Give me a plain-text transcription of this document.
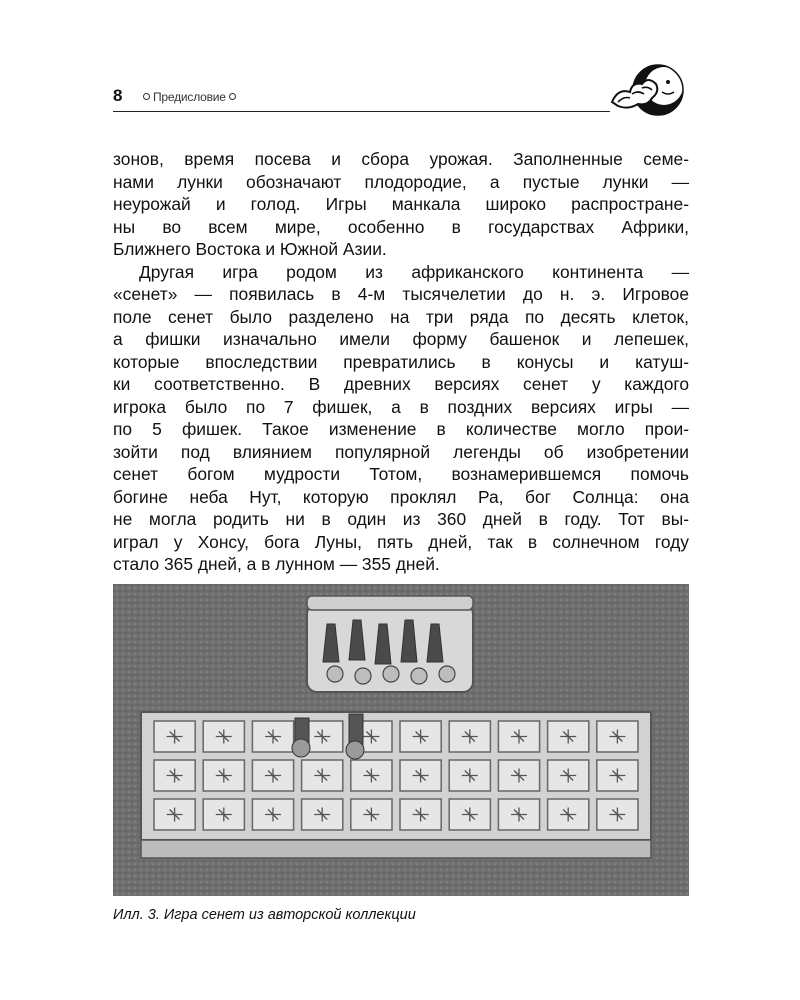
8	Предисловие

зонов, время посева и сбора урожая. Заполненные семе-

нами лунки обозначают плодородие, а пустые лунки —

неурожай и голод. Игры манкала широко распростране-

ны во всем мире, особенно в государствах Африки,

Ближнего Востока и Южной Азии.

Другая игра родом из африканского континента —

«сенет» — появилась в 4-м тысячелетии до н. э. Игровое

поле сенет было разделено на три ряда по десять клеток,

а фишки изначально имели форму башенок и лепешек,

которые впоследствии превратились в конусы и катуш-

ки соответственно. В древних версиях сенет у каждого

игрока было по 7 фишек, а в поздних версиях игры —

по 5 фишек. Такое изменение в количестве могло прои-

зойти под влиянием популярной легенды об изобретении

сенет богом мудрости Тотом, вознамерившемся помочь

богине неба Нут, которую проклял Ра, бог Солнца: она

не могла родить ни в один из 360 дней в году. Тот вы-

играл у Хонсу, бога Луны, пять дней, так в солнечном году

стало 365 дней, а в лунном — 355 дней.

Илл. 3. Игра сенет из авторской коллекции
